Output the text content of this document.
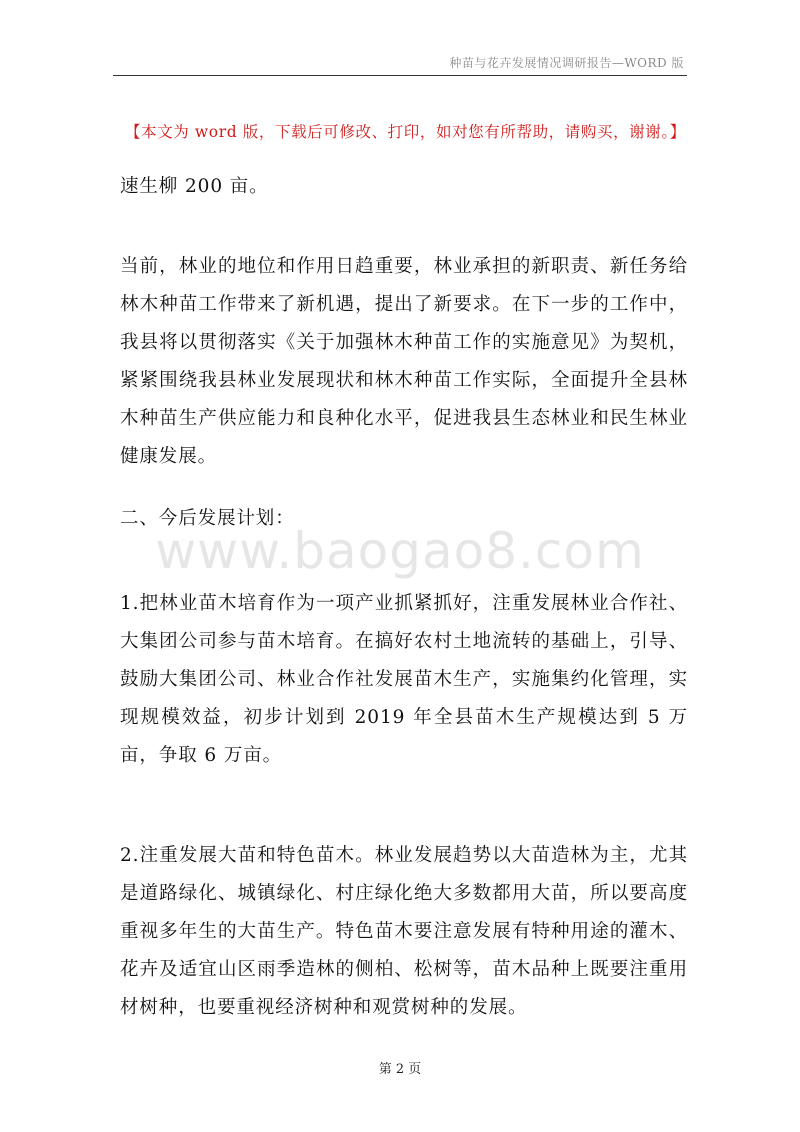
种苗与花卉发展情况调研报告—WORD 版
【本文为 word 版，下载后可修改、打印，如对您有所帮助，请购买，谢谢。】
www.baogao8.com

速生柳 200 亩。

当前，林业的地位和作用日趋重要，林业承担的新职责、新任务给林木种苗工作带来了新机遇，提出了新要求。在下一步的工作中，我县将以贯彻落实《关于加强林木种苗工作的实施意见》为契机，紧紧围绕我县林业发展现状和林木种苗工作实际，全面提升全县林木种苗生产供应能力和良种化水平，促进我县生态林业和民生林业健康发展。

二、今后发展计划：

1.把林业苗木培育作为一项产业抓紧抓好，注重发展林业合作社、大集团公司参与苗木培育。在搞好农村土地流转的基础上，引导、鼓励大集团公司、林业合作社发展苗木生产，实施集约化管理，实现规模效益，初步计划到 2019 年全县苗木生产规模达到 5 万亩，争取 6 万亩。

2.注重发展大苗和特色苗木。林业发展趋势以大苗造林为主，尤其是道路绿化、城镇绿化、村庄绿化绝大多数都用大苗，所以要高度重视多年生的大苗生产。特色苗木要注意发展有特种用途的灌木、花卉及适宜山区雨季造林的侧柏、松树等，苗木品种上既要注重用材树种，也要重视经济树种和观赏树种的发展。

第 2 页
